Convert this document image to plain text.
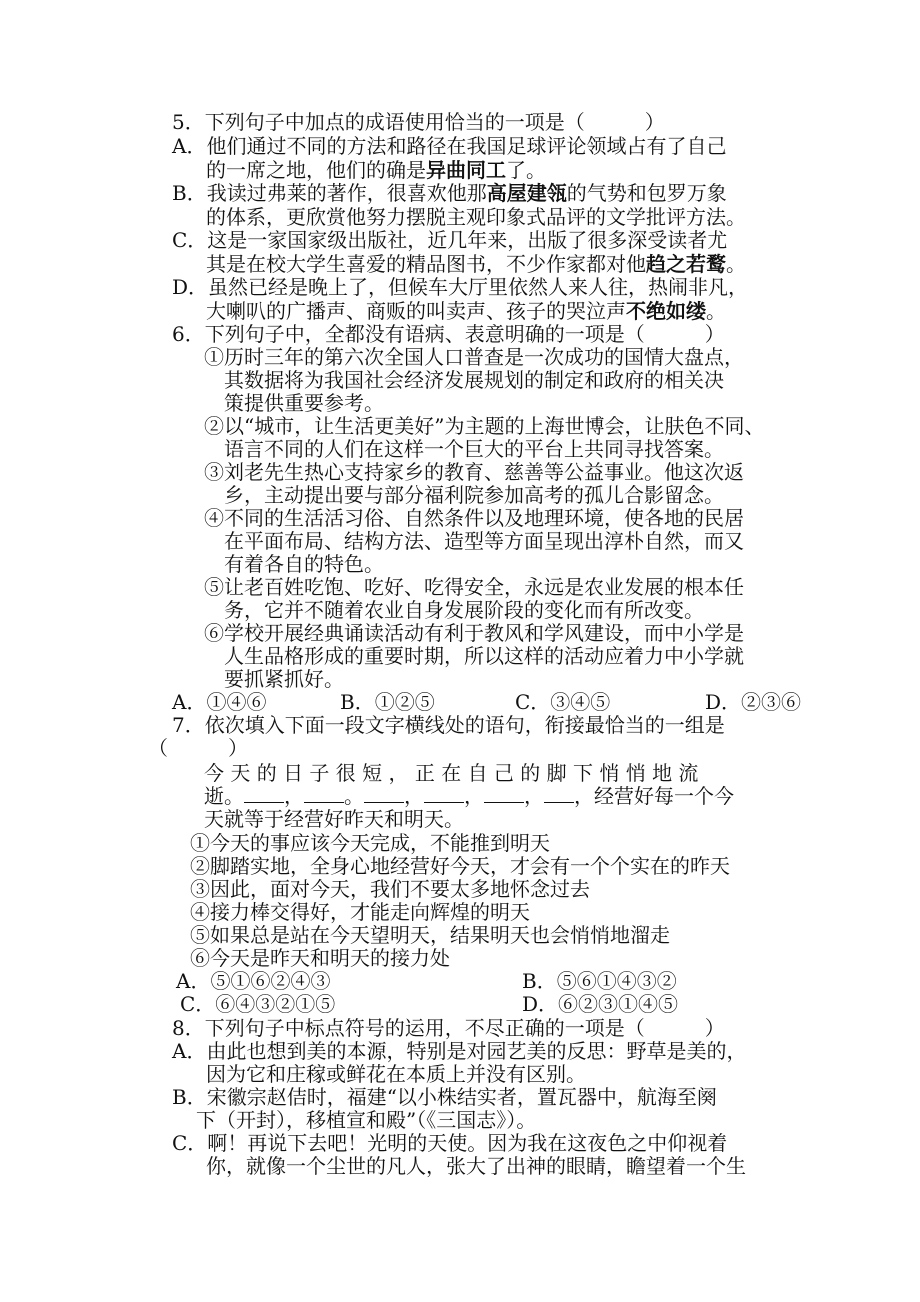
5．下列句子中加点的成语使用恰当的一项是（　　　）
A．他们通过不同的方法和路径在我国足球评论领域占有了自己
的一席之地，他们的确是异曲同工了。
B．我读过弗莱的著作，很喜欢他那高屋建瓴的气势和包罗万象
的体系，更欣赏他努力摆脱主观印象式品评的文学批评方法。
C．这是一家国家级出版社，近几年来，出版了很多深受读者尤
其是在校大学生喜爱的精品图书，不少作家都对他趋之若鹜。
D．虽然已经是晚上了，但候车大厅里依然人来人往，热闹非凡，
大喇叭的广播声、商贩的叫卖声、孩子的哭泣声不绝如缕。
6．下列句子中，全都没有语病、表意明确的一项是（　　　）
①历时三年的第六次全国人口普查是一次成功的国情大盘点，
其数据将为我国社会经济发展规划的制定和政府的相关决
策提供重要参考。
②以“城市，让生活更美好”为主题的上海世博会，让肤色不同、
语言不同的人们在这样一个巨大的平台上共同寻找答案。
③刘老先生热心支持家乡的教育、慈善等公益事业。他这次返
乡，主动提出要与部分福利院参加高考的孤儿合影留念。
④不同的生活活习俗、自然条件以及地理环境，使各地的民居
在平面布局、结构方法、造型等方面呈现出淳朴自然，而又
有着各自的特色。
⑤让老百姓吃饱、吃好、吃得安全，永远是农业发展的根本任
务，它并不随着农业自身发展阶段的变化而有所改变。
⑥学校开展经典诵读活动有利于教风和学风建设，而中小学是
人生品格形成的重要时期，所以这样的活动应着力中小学就
要抓紧抓好。
A．①④⑥	B．①②⑤	C．③④⑤	D．②③⑥
7．依次填入下面一段文字横线处的语句，衔接最恰当的一组是
（　　　）
今 天 的 日 子 很 短 ， 正 在 自 己 的 脚 下 悄 悄 地 流
逝。 ， 。 ， ， ， ，经营好每一个今
天就等于经营好昨天和明天。
①今天的事应该今天完成，不能推到明天
②脚踏实地，全身心地经营好今天，才会有一个个实在的昨天
③因此，面对今天，我们不要太多地怀念过去
④接力棒交得好，才能走向辉煌的明天
⑤如果总是站在今天望明天，结果明天也会悄悄地溜走
⑥今天是昨天和明天的接力处
A．⑤①⑥②④③	B．⑤⑥①④③②
C．⑥④③②①⑤	D．⑥②③①④⑤
8．下列句子中标点符号的运用，不尽正确的一项是（　　　）
A．由此也想到美的本源，特别是对园艺美的反思：野草是美的，
因为它和庄稼或鲜花在本质上并没有区别。
B．宋徽宗赵佶时，福建“以小株结实者，置瓦器中，航海至阕
下（开封），移植宣和殿”（《三国志》）。
C．啊！再说下去吧！光明的天使。因为我在这夜色之中仰视着
你，就像一个尘世的凡人，张大了出神的眼睛，瞻望着一个生
